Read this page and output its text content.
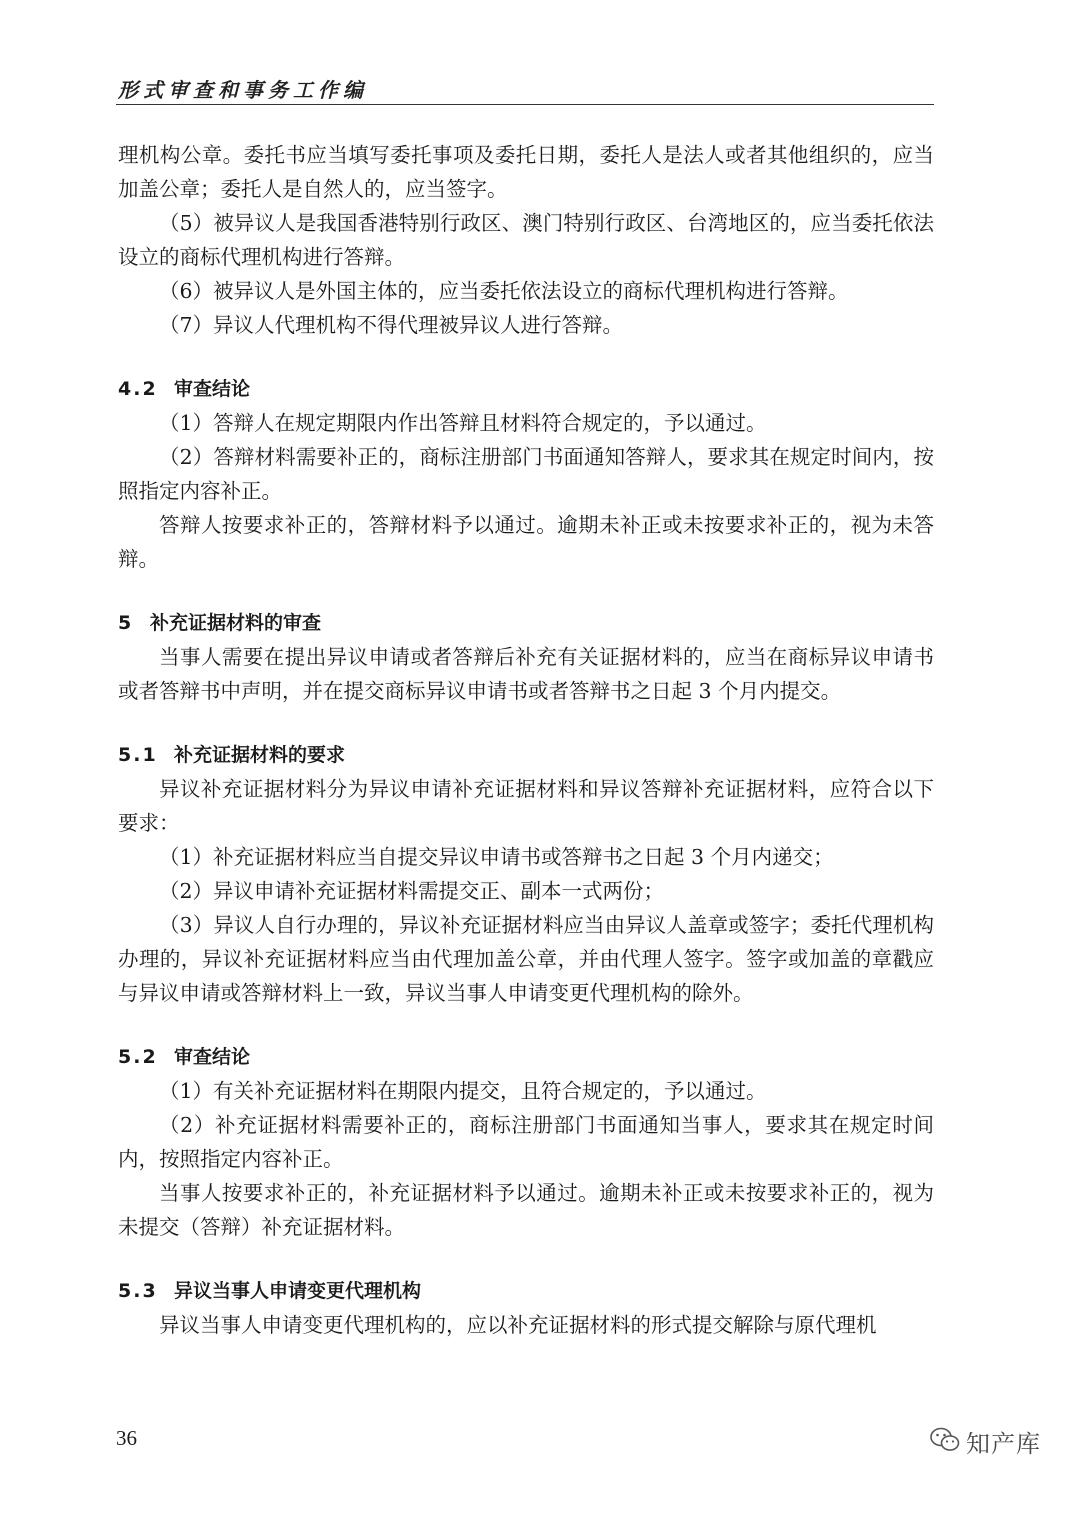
形式审查和事务工作编

理机构公章。委托书应当填写委托事项及委托日期，委托人是法人或者其他组织的，应当加盖公章；委托人是自然人的，应当签字。

（5）被异议人是我国香港特别行政区、澳门特别行政区、台湾地区的，应当委托依法设立的商标代理机构进行答辩。

（6）被异议人是外国主体的，应当委托依法设立的商标代理机构进行答辩。

（7）异议人代理机构不得代理被异议人进行答辩。

4.2 审查结论

（1）答辩人在规定期限内作出答辩且材料符合规定的，予以通过。

（2）答辩材料需要补正的，商标注册部门书面通知答辩人，要求其在规定时间内，按照指定内容补正。

答辩人按要求补正的，答辩材料予以通过。逾期未补正或未按要求补正的，视为未答辩。

5 补充证据材料的审查

当事人需要在提出异议申请或者答辩后补充有关证据材料的，应当在商标异议申请书或者答辩书中声明，并在提交商标异议申请书或者答辩书之日起 3 个月内提交。

5.1 补充证据材料的要求

异议补充证据材料分为异议申请补充证据材料和异议答辩补充证据材料，应符合以下要求：

（1）补充证据材料应当自提交异议申请书或答辩书之日起 3 个月内递交；

（2）异议申请补充证据材料需提交正、副本一式两份；

（3）异议人自行办理的，异议补充证据材料应当由异议人盖章或签字；委托代理机构办理的，异议补充证据材料应当由代理加盖公章，并由代理人签字。签字或加盖的章戳应与异议申请或答辩材料上一致，异议当事人申请变更代理机构的除外。

5.2 审查结论

（1）有关补充证据材料在期限内提交，且符合规定的，予以通过。

（2）补充证据材料需要补正的，商标注册部门书面通知当事人，要求其在规定时间内，按照指定内容补正。

当事人按要求补正的，补充证据材料予以通过。逾期未补正或未按要求补正的，视为未提交（答辩）补充证据材料。

5.3 异议当事人申请变更代理机构

异议当事人申请变更代理机构的，应以补充证据材料的形式提交解除与原代理机

36	知产库
